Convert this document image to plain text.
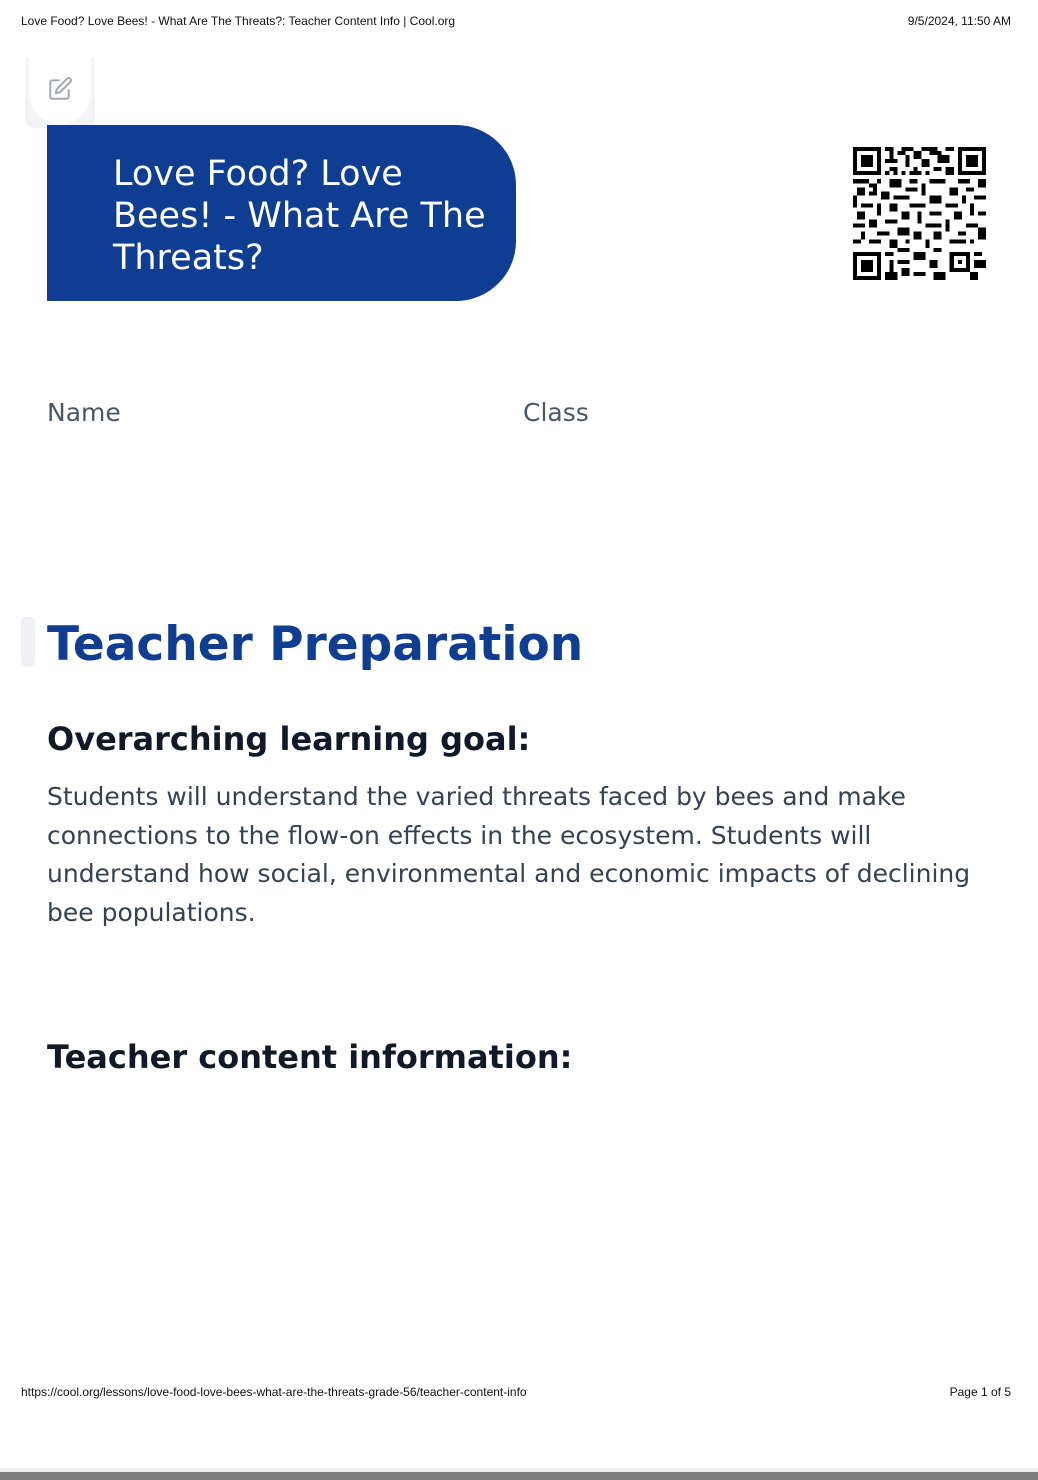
Love Food? Love Bees! - What Are The Threats?: Teacher Content Info | Cool.org	9/5/2024, 11:50 AM
Love Food? Love Bees! - What Are The Threats?
Name	Class
Teacher Preparation
Overarching learning goal:

Students will understand the varied threats faced by bees and make connections to the flow-on effects in the ecosystem. Students will understand how social, environmental and economic impacts of declining bee populations.

Teacher content information:
https://cool.org/lessons/love-food-love-bees-what-are-the-threats-grade-56/teacher-content-info	Page 1 of 5
